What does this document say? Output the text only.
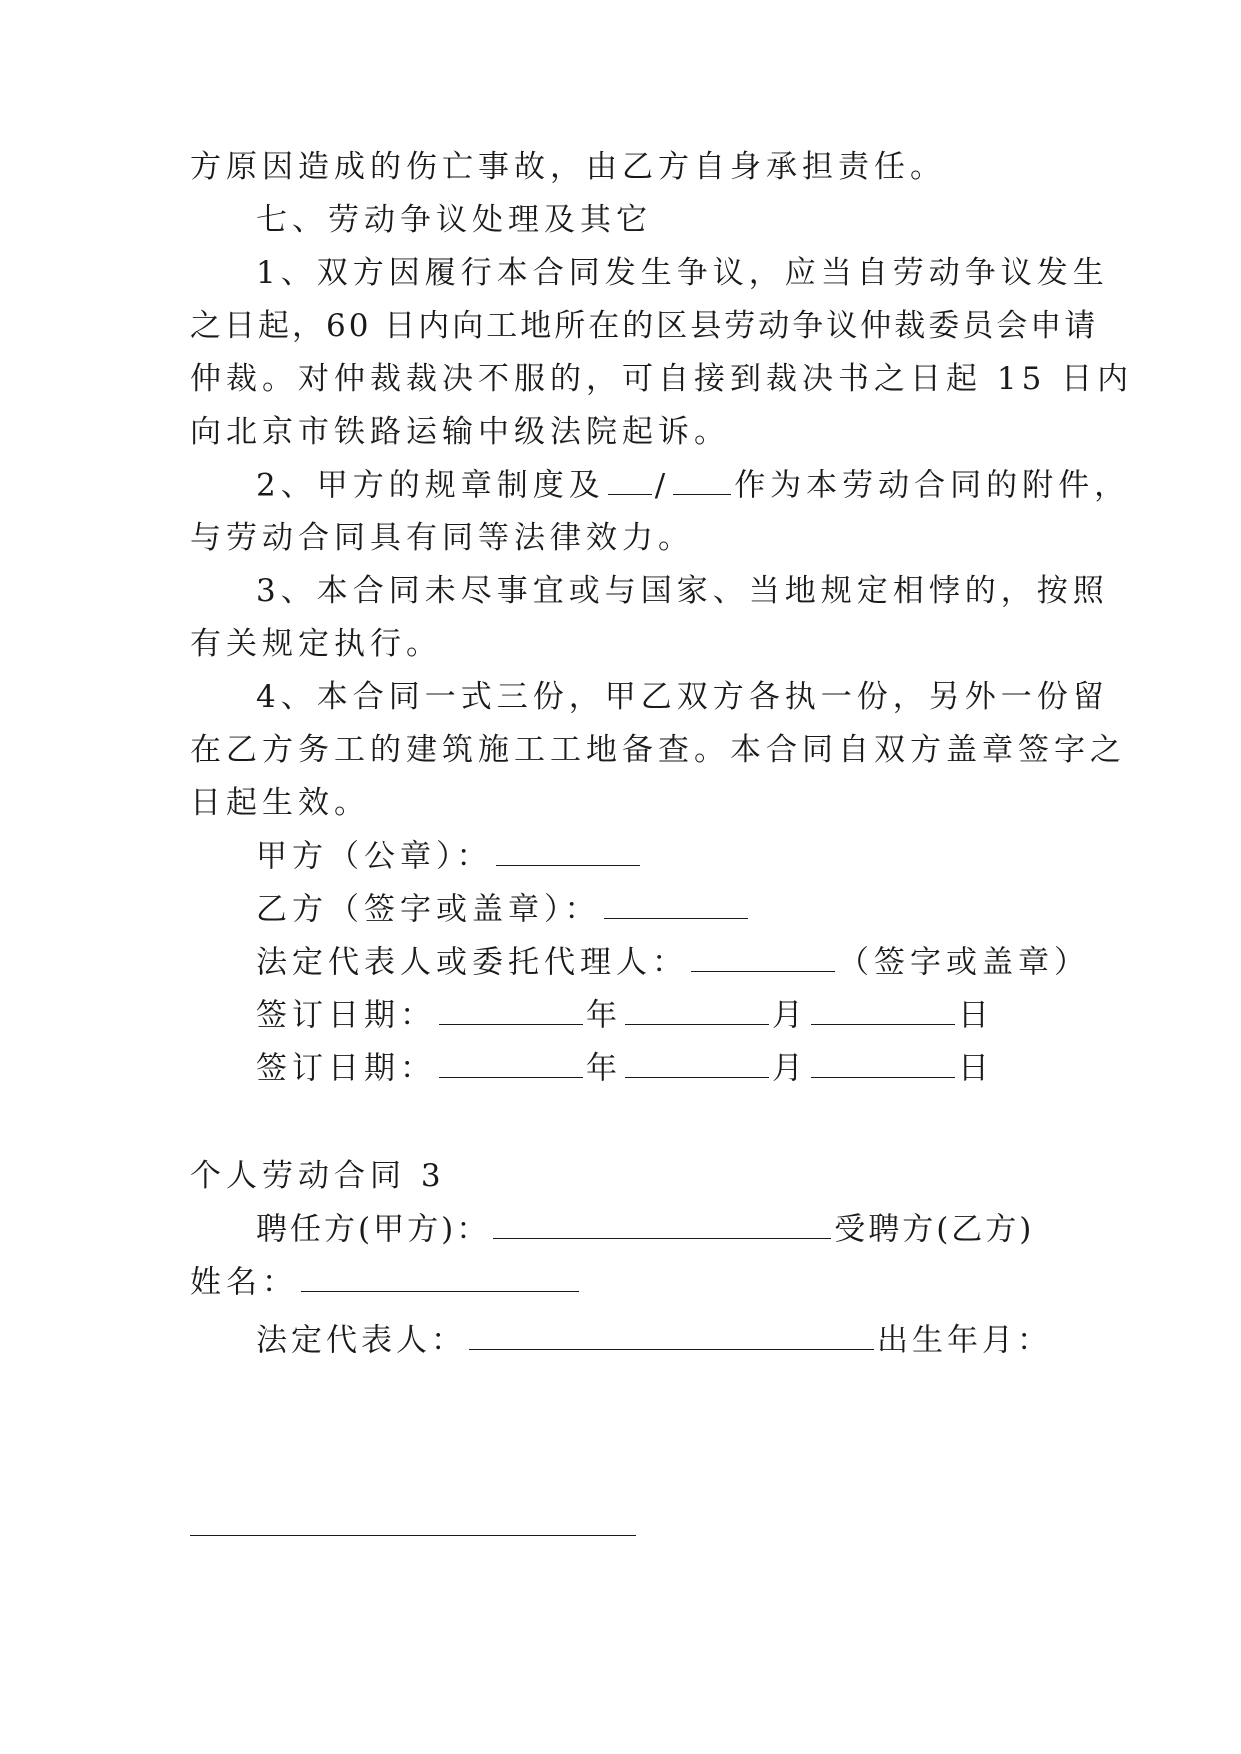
方原因造成的伤亡事故，由乙方自身承担责任。
七、劳动争议处理及其它
1、双方因履行本合同发生争议，应当自劳动争议发生
之日起，60 日内向工地所在的区县劳动争议仲裁委员会申请
仲裁。对仲裁裁决不服的，可自接到裁决书之日起 15 日内
向北京市铁路运输中级法院起诉。
2、甲方的规章制度及 / 作为本劳动合同的附件，
与劳动合同具有同等法律效力。
3、本合同未尽事宜或与国家、当地规定相悖的，按照
有关规定执行。
4、本合同一式三份，甲乙双方各执一份，另外一份留
在乙方务工的建筑施工工地备查。本合同自双方盖章签字之
日起生效。
甲方（公章）：
乙方（签字或盖章）：
法定代表人或委托代理人：	（签字或盖章）
签订日期：	年	月	日
签订日期：	年	月	日
个人劳动合同 3
聘任方(甲方)：	受聘方(乙方)
姓名：
法定代表人：	出生年月：
